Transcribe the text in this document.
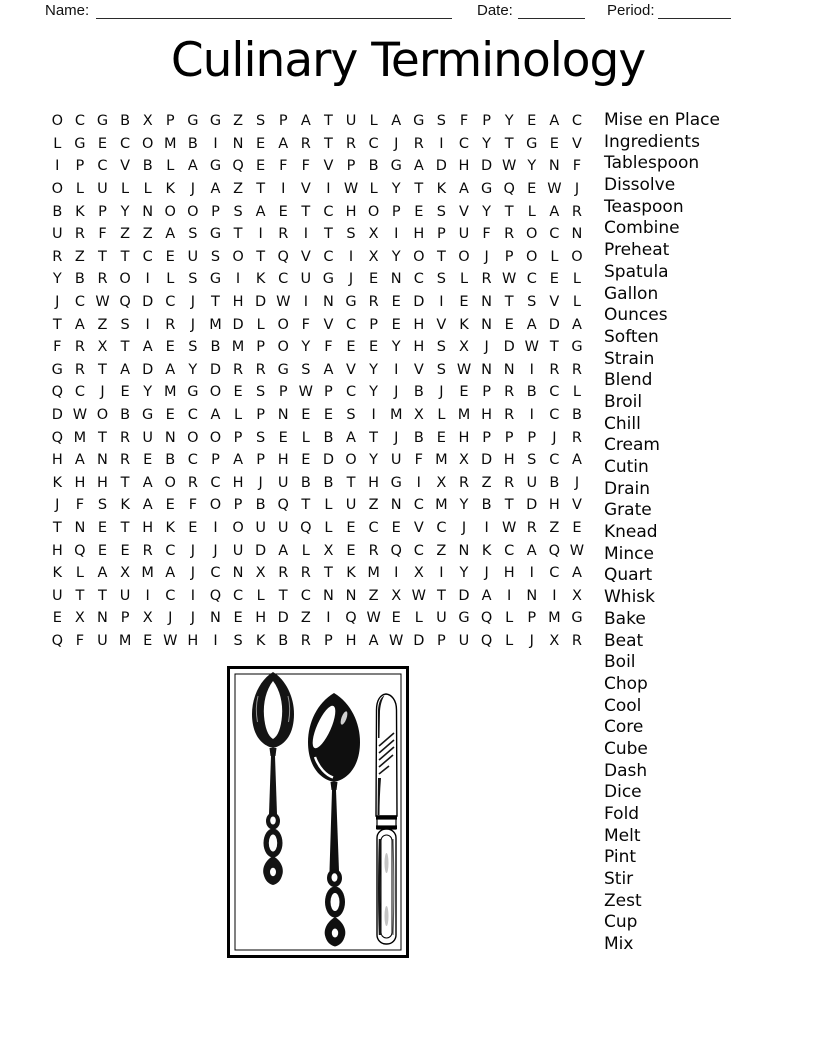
Name:	Date:	Period:
Culinary Terminology
O C G B X P G G Z S P A T U L A G S F P Y E A C
L G E C O M B	I	N E A R T R C	J	R	I	C Y T G E V
I	P C V B L A G Q E F F V P B G A D H D W Y N F
O L U L	L K	J	A Z T	I	V	I W L Y T K A G Q E W J
B K P Y N O O P S A E T C H O P E S V Y T L A R
U R F Z Z A S G T	I	R	I	T S X	I	H P U F R O C N
R Z T T C E U S O T Q V C	I	X Y O T O	J	P O L O
Y B R O	I	L S G	I	K C U G	J	E N C S L R W C E L
J	C W Q D C	J	T H D W I	N G R E D	I	E N T S V L
T A Z S	I	R	J M D L O F V C P E H V K N E A D A
F R X T A E S B M P O Y F E E Y H S X	J	D W T G
G R T A D A Y D R R G S A V Y	I	V S W N N	I	R R
Q C	J	E Y M G O E S P W P C Y	J	B	J	E P R B C L
D W O B G E C A L P N E E S	I M X L M H R	I	C B
Q M T R U N O O P S E L B A T	J	B E H P P P	J	R
H A N R E B C P A P H E D O Y U F M X D H S C A
K H H T A O R C H	J	U B B T H G	I	X R Z R U B	J
J	F S K A E F O P B Q T L U Z N C M Y B T D H V
T N E T H K E	I	O U U Q L E C E V C	J	I W R Z E
H Q E E R C	J	J	U D A L X E R Q C Z N K C A Q W
K L A X M A	J	C N X R R T K M I	X	I	Y	J	H	I	C A
U T T U	I	C	I	Q C L T C N N Z X W T D A	I	N	I	X
E X N P X	J	J	N E H D Z	I	Q W E L U G Q L P M G
Q F U M E W H	I	S K B R P H A W D P U Q L	J	X R
Mise en Place
Ingredients
Tablespoon
Dissolve
Teaspoon
Combine
Preheat
Spatula
Gallon
Ounces
Soften
Strain
Blend
Broil
Chill
Cream
Cutin
Drain
Grate
Knead
Mince
Quart
Whisk
Bake
Beat
Boil
Chop
Cool
Core
Cube
Dash
Dice
Fold
Melt
Pint
Stir
Zest
Cup
Mix
